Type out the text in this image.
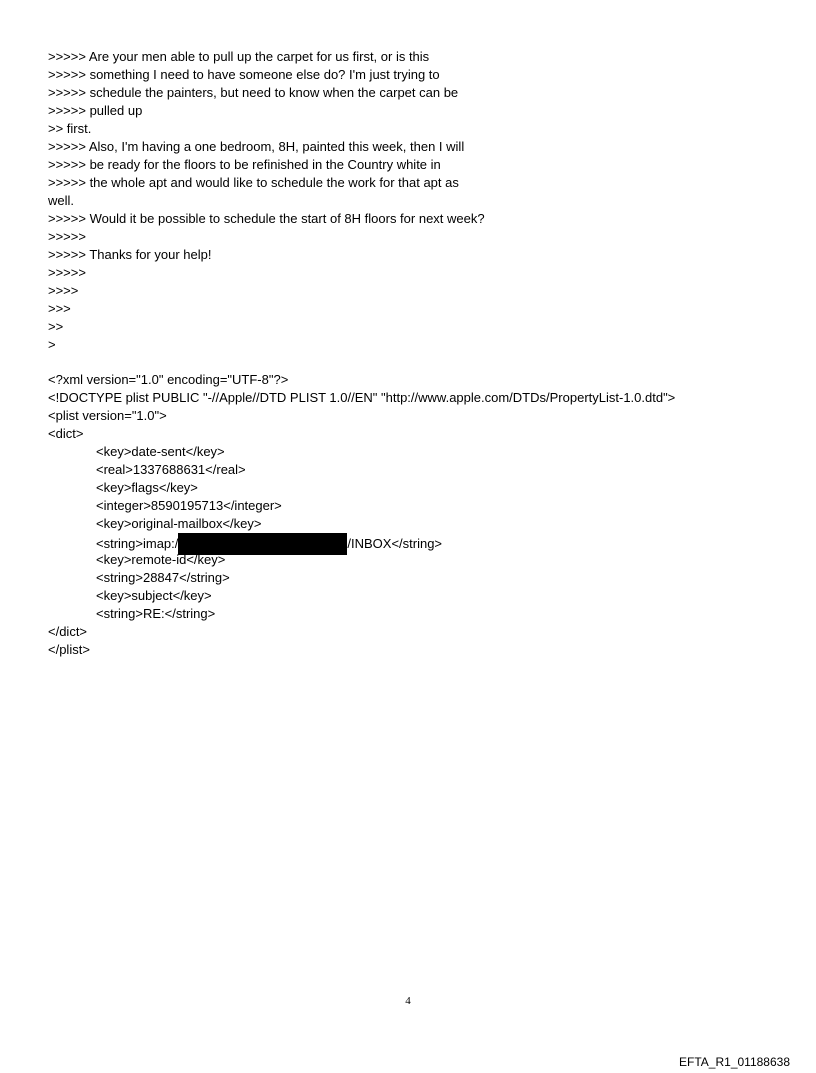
>>>>> Are your men able to pull up the carpet for us first, or is this
>>>>> something I need to have someone else do? I'm just trying to
>>>>> schedule the painters, but need to know when the carpet can be
>>>>> pulled up
>> first.
>>>>> Also, I'm having a one bedroom, 8H, painted this week, then I will
>>>>> be ready for the floors to be refinished in the Country white in
>>>>> the whole apt and would like to schedule the work for that apt as
well.
>>>>> Would it be possible to schedule the start of 8H floors for next week?
>>>>>
>>>>> Thanks for your help!
>>>>>
>>>>
>>>
>>
>
<?xml version="1.0" encoding="UTF-8"?>
<!DOCTYPE plist PUBLIC "-//Apple//DTD PLIST 1.0//EN" "http://www.apple.com/DTDs/PropertyList-1.0.dtd">
<plist version="1.0">
<dict>
<key>date-sent</key>
<real>1337688631</real>
<key>flags</key>
<integer>8590195713</integer>
<key>original-mailbox</key>
<string>imap:/	/INBOX</string>
<key>remote-id</key>
<string>28847</string>
<key>subject</key>
<string>RE:</string>
</dict>
</plist>
4
EFTA_R1_01188638
